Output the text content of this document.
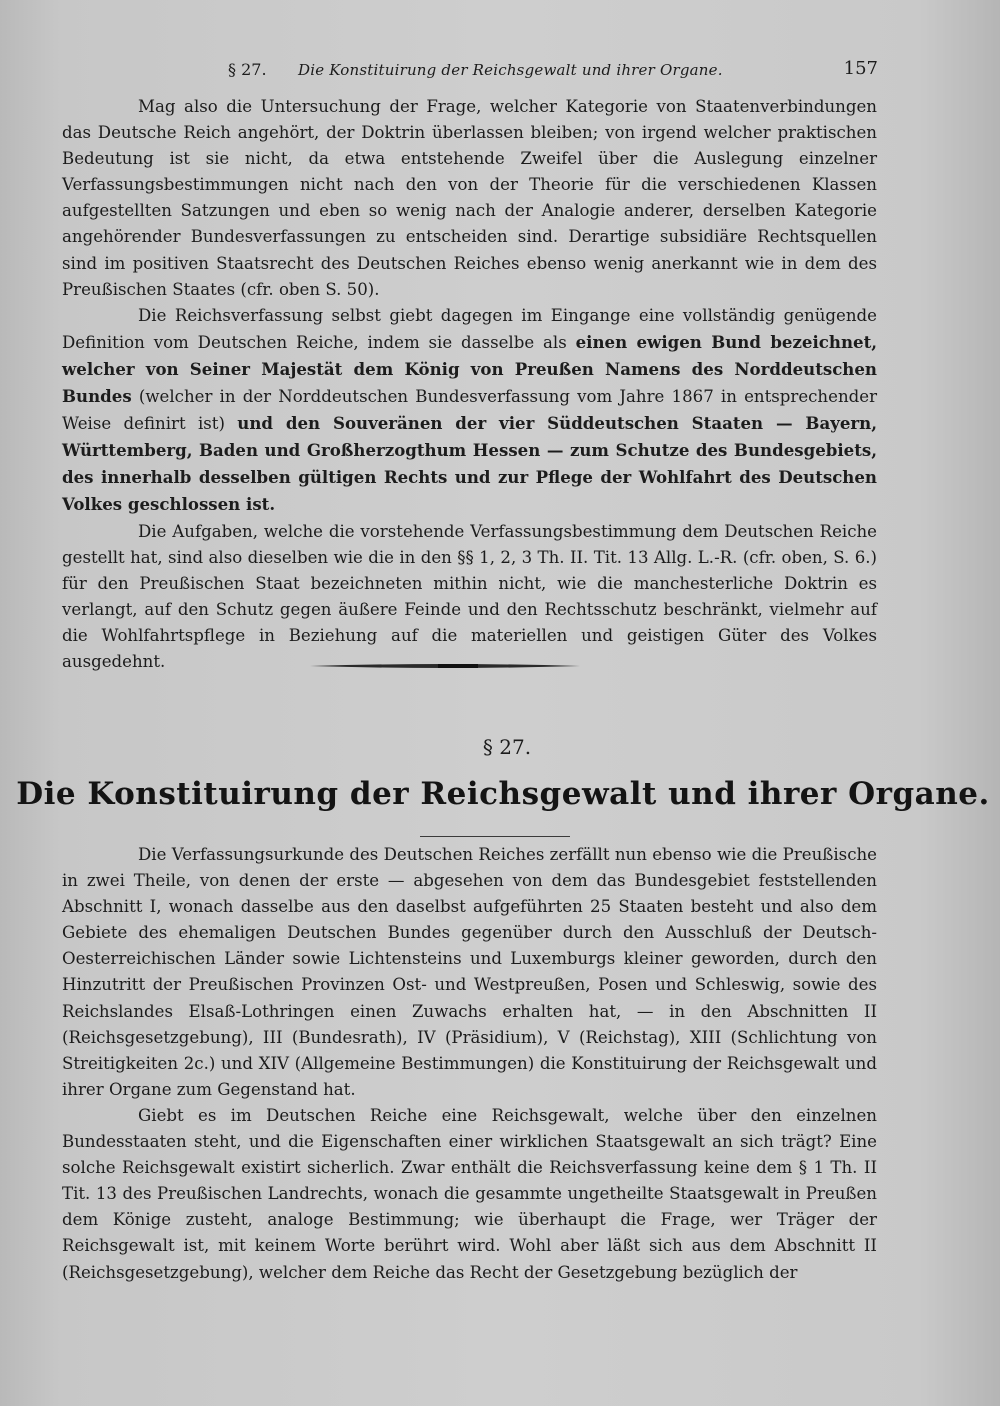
§ 27. Die Konstituirung der Reichsgewalt und ihrer Organe.	157

Mag also die Untersuchung der Frage, welcher Kategorie von Staatenverbindungen das Deutsche Reich angehört, der Doktrin überlassen bleiben; von irgend welcher praktischen Bedeutung ist sie nicht, da etwa entstehende Zweifel über die Auslegung einzelner Verfassungsbestimmungen nicht nach den von der Theorie für die verschiedenen Klassen aufgestellten Satzungen und eben so wenig nach der Analogie anderer, derselben Kategorie angehörender Bundesverfassungen zu entscheiden sind. Derartige subsidiäre Rechtsquellen sind im positiven Staatsrecht des Deutschen Reiches ebenso wenig anerkannt wie in dem des Preußischen Staates (cfr. oben S. 50).

Die Reichsverfassung selbst giebt dagegen im Eingange eine vollständig genügende Definition vom Deutschen Reiche, indem sie dasselbe als einen ewigen Bund bezeichnet, welcher von Seiner Majestät dem König von Preußen Namens des Norddeutschen Bundes (welcher in der Norddeutschen Bundesverfassung vom Jahre 1867 in entsprechender Weise definirt ist) und den Souveränen der vier Süddeutschen Staaten — Bayern, Württemberg, Baden und Großherzogthum Hessen — zum Schutze des Bundesgebiets, des innerhalb desselben gültigen Rechts und zur Pflege der Wohlfahrt des Deutschen Volkes geschlossen ist.

Die Aufgaben, welche die vorstehende Verfassungsbestimmung dem Deutschen Reiche gestellt hat, sind also dieselben wie die in den §§ 1, 2, 3 Th. II. Tit. 13 Allg. L.-R. (cfr. oben, S. 6.) für den Preußischen Staat bezeichneten mithin nicht, wie die manchesterliche Doktrin es verlangt, auf den Schutz gegen äußere Feinde und den Rechtsschutz beschränkt, vielmehr auf die Wohlfahrtspflege in Beziehung auf die materiellen und geistigen Güter des Volkes ausgedehnt.

§ 27.
Die Konstituirung der Reichsgewalt und ihrer Organe.

Die Verfassungsurkunde des Deutschen Reiches zerfällt nun ebenso wie die Preußische in zwei Theile, von denen der erste — abgesehen von dem das Bundesgebiet feststellenden Abschnitt I, wonach dasselbe aus den daselbst aufgeführten 25 Staaten besteht und also dem Gebiete des ehemaligen Deutschen Bundes gegenüber durch den Ausschluß der Deutsch-Oesterreichischen Länder sowie Lichtensteins und Luxemburgs kleiner geworden, durch den Hinzutritt der Preußischen Provinzen Ost- und Westpreußen, Posen und Schleswig, sowie des Reichslandes Elsaß-Lothringen einen Zuwachs erhalten hat, — in den Abschnitten II (Reichsgesetzgebung), III (Bundesrath), IV (Präsidium), V (Reichstag), XIII (Schlichtung von Streitigkeiten 2c.) und XIV (Allgemeine Bestimmungen) die Konstituirung der Reichsgewalt und ihrer Organe zum Gegenstand hat.

Giebt es im Deutschen Reiche eine Reichsgewalt, welche über den einzelnen Bundesstaaten steht, und die Eigenschaften einer wirklichen Staatsgewalt an sich trägt? Eine solche Reichsgewalt existirt sicherlich. Zwar enthält die Reichsverfassung keine dem § 1 Th. II Tit. 13 des Preußischen Landrechts, wonach die gesammte ungetheilte Staatsgewalt in Preußen dem Könige zusteht, analoge Bestimmung; wie überhaupt die Frage, wer Träger der Reichsgewalt ist, mit keinem Worte berührt wird. Wohl aber läßt sich aus dem Abschnitt II (Reichsgesetzgebung), welcher dem Reiche das Recht der Gesetzgebung bezüglich der
